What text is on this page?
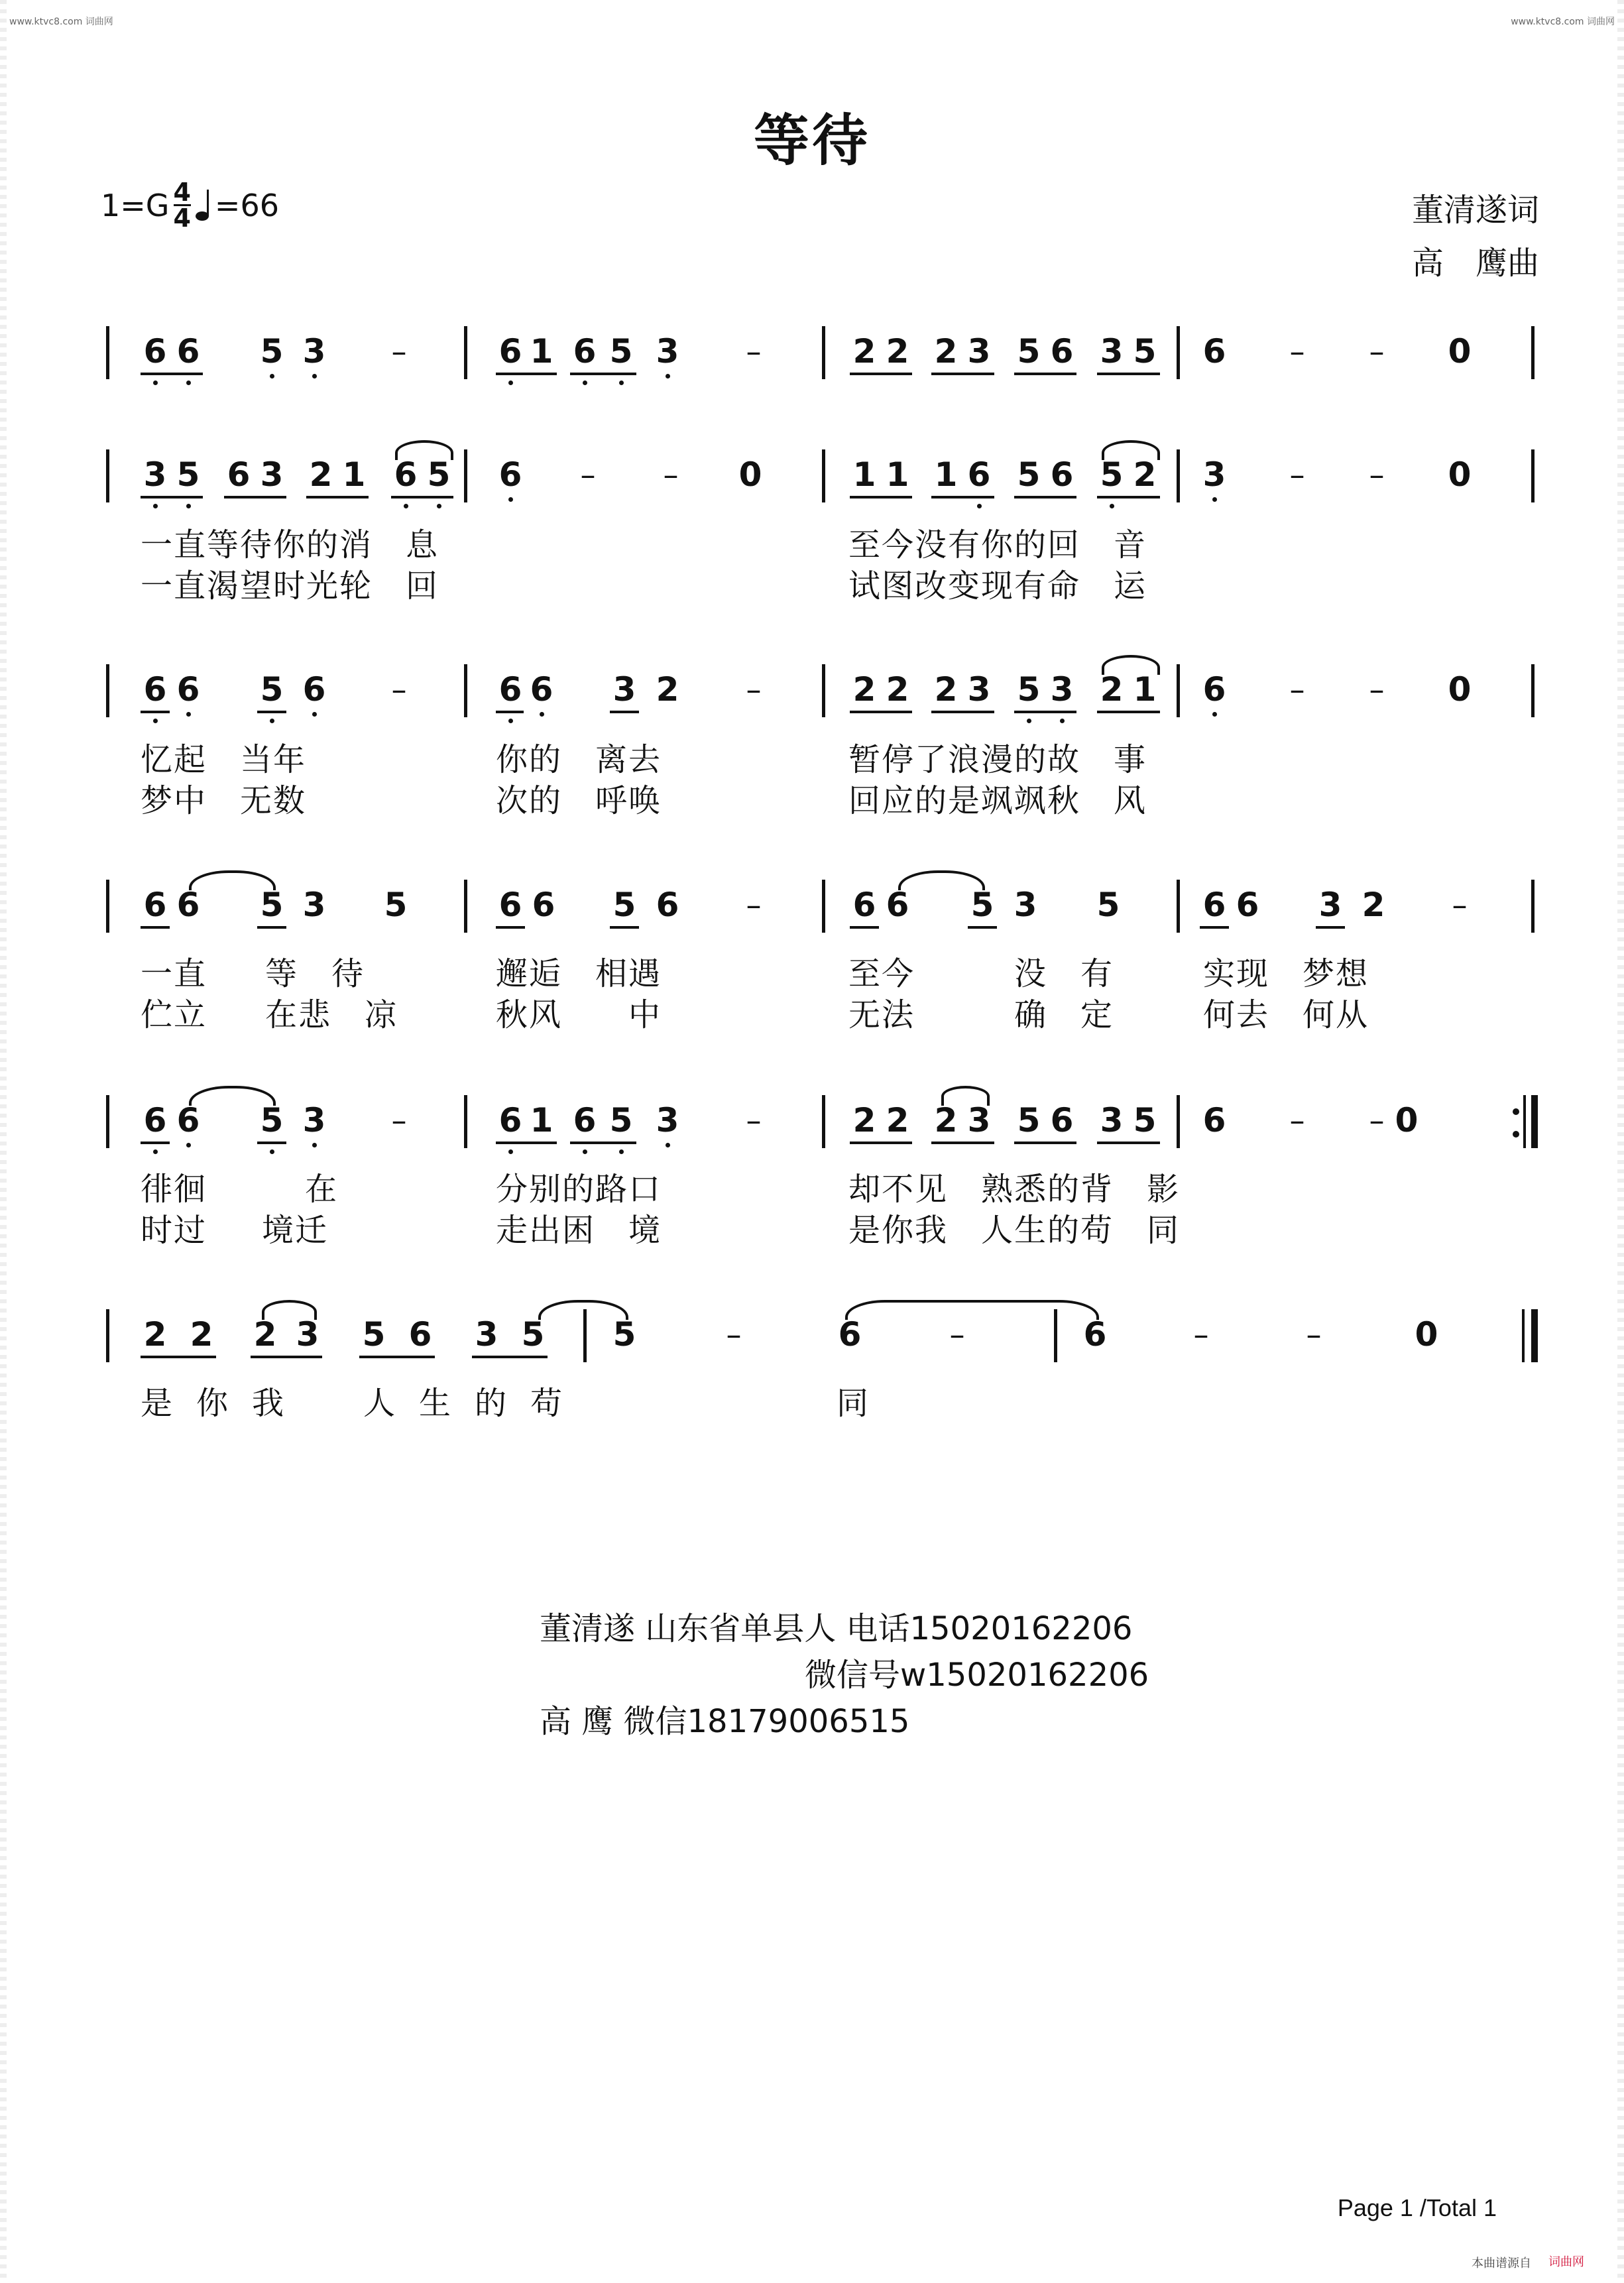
www.ktvc8.com 词曲网	www.ktvc8.com 词曲网
等待
$1=G \frac{4}{4} =66$	董清遂词
高　鹰曲
6 6 5 3 –	6 1 6 5 3 –	2 2 2 3 5 6 3 5 6 – – 0
3 5 6 3 2 1 6 5 6 – – 0	1 1 1 6 5 6 5 2 3 – – 0
6 6 5 6 –	6 6 3 2 –	2 2 2 3 5 3 2 1 6 – – 0
6 6 5 3 5	6 6 5 6 –	6 6 5 3 5	6 6 3 2 –
6 6 5 3 –	6 1 6 5 3 –	2 2 2 3 5 6 3 5 6 – – 0
2 2 2 3 5 6 3 5 5	–	6	–	6	–	–	0
一直等待你的消　息	至今没有你的回　音
一直渴望时光轮　回	试图改变现有命　运
忆起　当年	你的　离去	暂停了浪漫的故　事
梦中　无数	次的　呼唤	回应的是飒飒秋　风
一直 等　待	邂逅　相遇	至今	没　有	实现　梦想
伫立 在悲　凉	秋风　　中	无法	确　定	何去　何从
徘徊	在	分别的路口	却不见　熟悉的背　影
时过 境迁	走出困　境	是你我　人生的苟　同
是你我 人生的苟	同
董清遂 山东省单县人 电话15020162206
微信号w15020162206
高 鹰 微信18179006515
Page 1 /Total 1
本曲谱源自 词曲网
